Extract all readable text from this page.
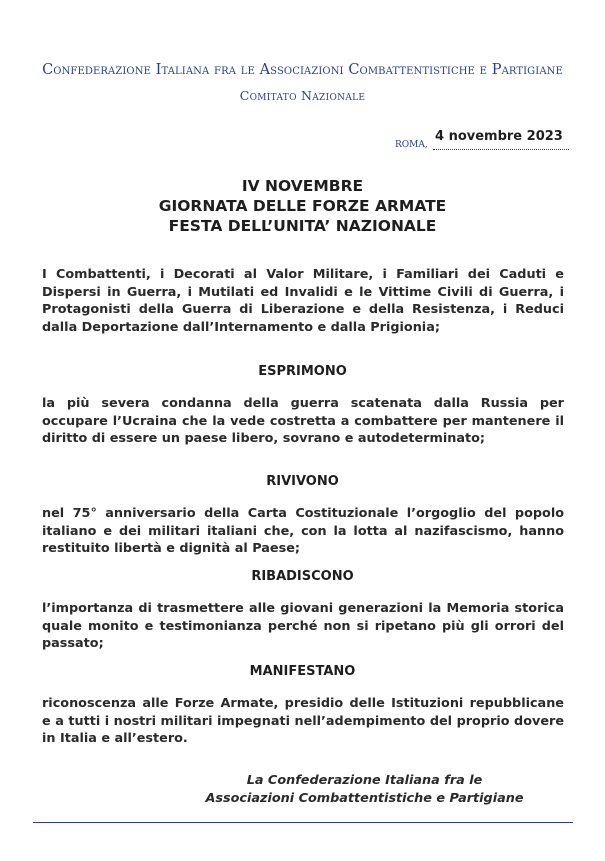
Confederazione Italiana fra le Associazioni Combattentistiche e Partigiane
Comitato Nazionale
ROMA,
4 novembre 2023
IV NOVEMBRE
GIORNATA DELLE FORZE ARMATE
FESTA DELL’UNITA’ NAZIONALE
I Combattenti, i Decorati al Valor Militare, i Familiari dei Caduti e Dispersi in Guerra, i Mutilati ed Invalidi e le Vittime Civili di Guerra, i Protagonisti della Guerra di Liberazione e della Resistenza, i Reduci dalla Deportazione dall’Internamento e dalla Prigionia;
ESPRIMONO
la più severa condanna della guerra scatenata dalla Russia per occupare l’Ucraina che la vede costretta a combattere per mantenere il diritto di essere un paese libero, sovrano e autodeterminato;
RIVIVONO
nel 75° anniversario della Carta Costituzionale l’orgoglio del popolo italiano e dei militari italiani che, con la lotta al nazifascismo, hanno restituito libertà e dignità al Paese;
RIBADISCONO
l’importanza di trasmettere alle giovani generazioni la Memoria storica quale monito e testimonianza perché non si ripetano più gli orrori del passato;
MANIFESTANO
riconoscenza alle Forze Armate, presidio delle Istituzioni repubblicane e a tutti i nostri militari impegnati nell’adempimento del proprio dovere in Italia e all’estero.
La Confederazione Italiana fra le
Associazioni Combattentistiche e Partigiane
